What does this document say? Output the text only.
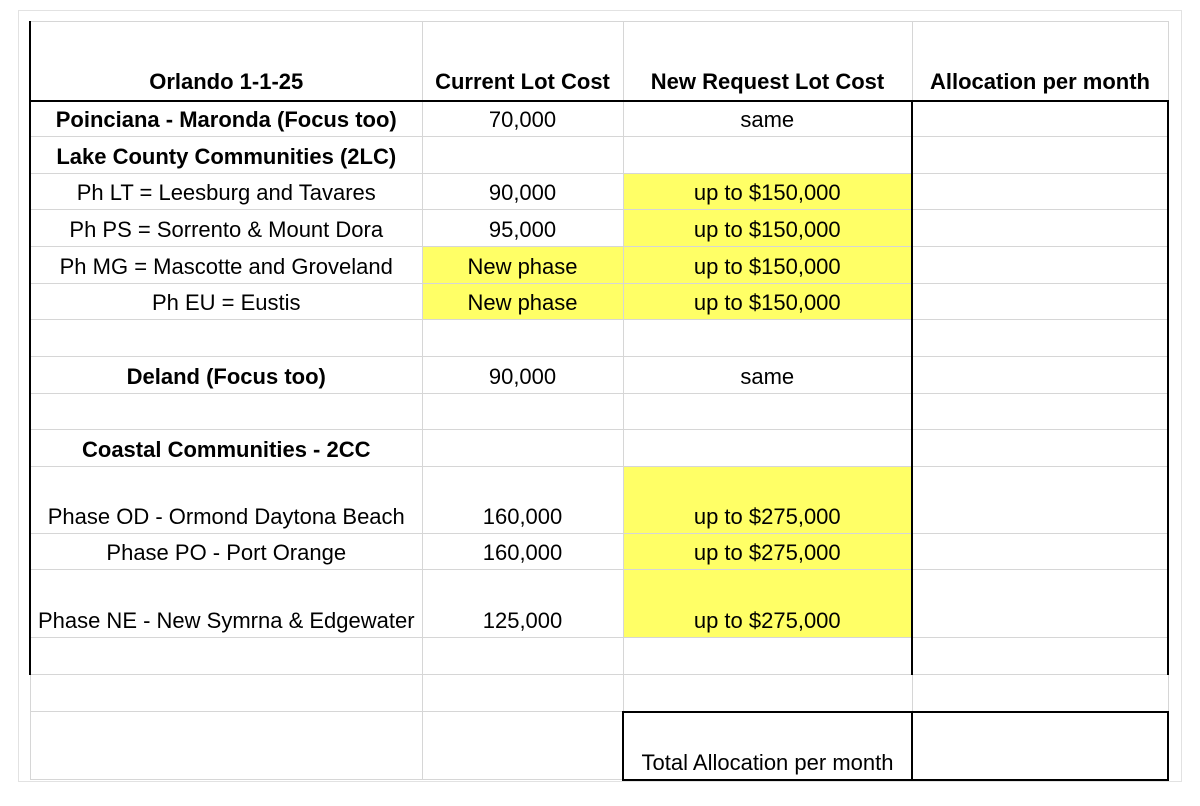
Orlando 1-1-25	Current Lot Cost	New Request Lot Cost	Allocation per month
Poinciana - Maronda (Focus too)	70,000	same	
Lake County Communities (2LC)			
Ph LT = Leesburg and Tavares	90,000	up to $150,000	
Ph PS = Sorrento & Mount Dora	95,000	up to $150,000	
Ph MG = Mascotte and Groveland	New phase	up to $150,000	
Ph EU = Eustis	New phase	up to $150,000	

Deland (Focus too)	90,000	same	

Coastal Communities - 2CC			
Phase OD - Ormond Daytona Beach	160,000	up to $275,000	
Phase PO - Port Orange	160,000	up to $275,000	
Phase NE - New Symrna & Edgewater	125,000	up to $275,000	

		Total Allocation per month	
